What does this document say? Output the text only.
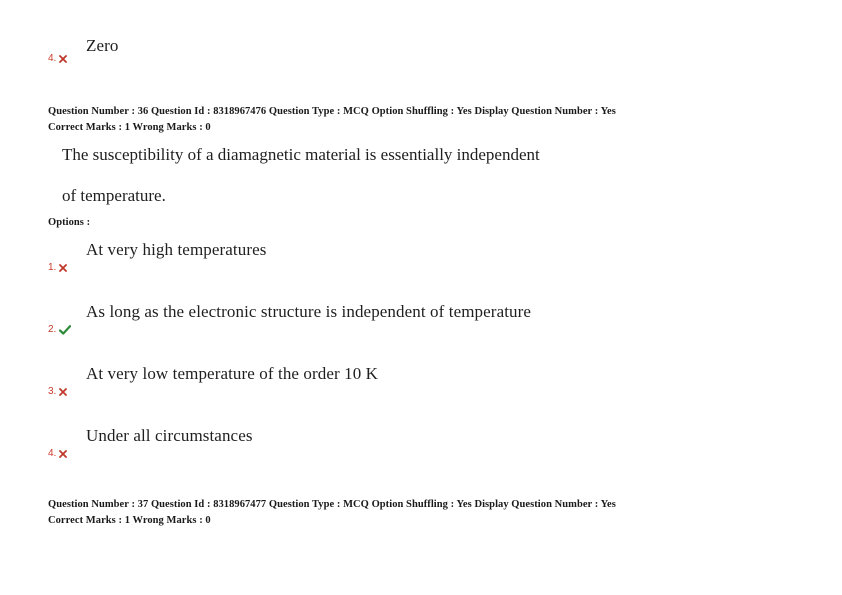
Zero
4.
Question Number : 36 Question Id : 8318967476 Question Type : MCQ Option Shuffling : Yes Display Question Number : Yes
Correct Marks : 1 Wrong Marks : 0
The susceptibility of a diamagnetic material is essentially independent
of temperature.
Options :
At very high temperatures
1.
As long as the electronic structure is independent of temperature
2.
At very low temperature of the order 10 K
3.
Under all circumstances
4.
Question Number : 37 Question Id : 8318967477 Question Type : MCQ Option Shuffling : Yes Display Question Number : Yes
Correct Marks : 1 Wrong Marks : 0
